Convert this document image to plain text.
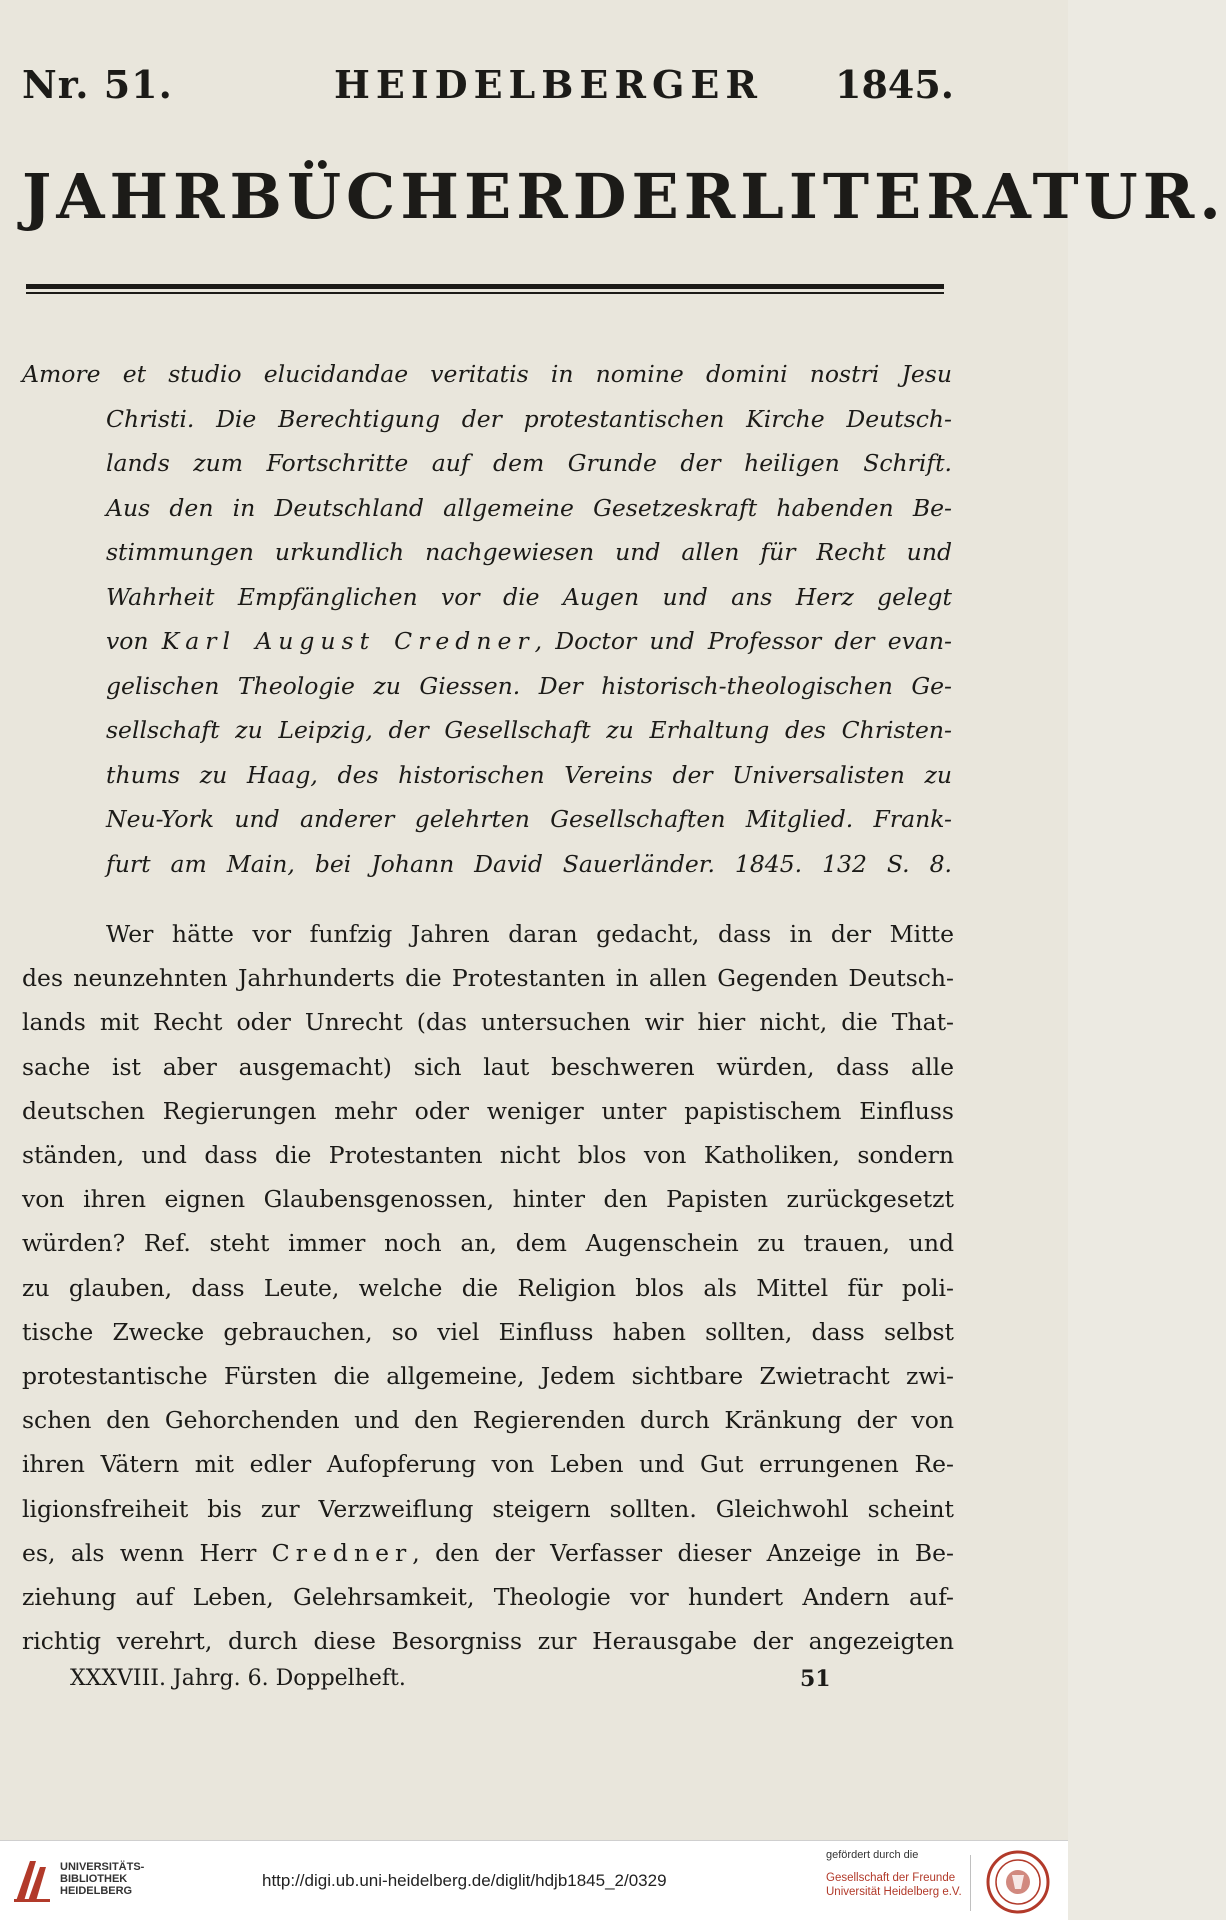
Nr. 51.	HEIDELBERGER 1845.
JAHRBÜCHER DER LITERATUR.
Amore et studio elucidandae veritatis in nomine domini nostri Jesu
Christi. Die Berechtigung der protestantischen Kirche Deutsch-
lands zum Fortschritte auf dem Grunde der heiligen Schrift.
Aus den in Deutschland allgemeine Gesetzeskraft habenden Be-
stimmungen urkundlich nachgewiesen und allen für Recht und
Wahrheit Empfänglichen vor die Augen und ans Herz gelegt
von Karl August Credner, Doctor und Professor der evan-
gelischen Theologie zu Giessen. Der historisch-theologischen Ge-
sellschaft zu Leipzig, der Gesellschaft zu Erhaltung des Christen-
thums zu Haag, des historischen Vereins der Universalisten zu
Neu-York und anderer gelehrten Gesellschaften Mitglied. Frank-
furt am Main, bei Johann David Sauerländer. 1845. 132 S. 8.
Wer hätte vor funfzig Jahren daran gedacht, dass in der Mitte
des neunzehnten Jahrhunderts die Protestanten in allen Gegenden Deutsch-
lands mit Recht oder Unrecht (das untersuchen wir hier nicht, die That-
sache ist aber ausgemacht) sich laut beschweren würden, dass alle
deutschen Regierungen mehr oder weniger unter papistischem Einfluss
ständen, und dass die Protestanten nicht blos von Katholiken, sondern
von ihren eignen Glaubensgenossen, hinter den Papisten zurückgesetzt
würden? Ref. steht immer noch an, dem Augenschein zu trauen, und
zu glauben, dass Leute, welche die Religion blos als Mittel für poli-
tische Zwecke gebrauchen, so viel Einfluss haben sollten, dass selbst
protestantische Fürsten die allgemeine, Jedem sichtbare Zwietracht zwi-
schen den Gehorchenden und den Regierenden durch Kränkung der von
ihren Vätern mit edler Aufopferung von Leben und Gut errungenen Re-
ligionsfreiheit bis zur Verzweiflung steigern sollten. Gleichwohl scheint
es, als wenn Herr Credner, den der Verfasser dieser Anzeige in Be-
ziehung auf Leben, Gelehrsamkeit, Theologie vor hundert Andern auf-
richtig verehrt, durch diese Besorgniss zur Herausgabe der angezeigten
XXXVIII. Jahrg. 6. Doppelheft.	51
UNIVERSITÄTS-
BIBLIOTHEK
HEIDELBERG
http://digi.ub.uni-heidelberg.de/diglit/hdjb1845_2/0329
gefördert durch die
Gesellschaft der Freunde
Universität Heidelberg e.V.
